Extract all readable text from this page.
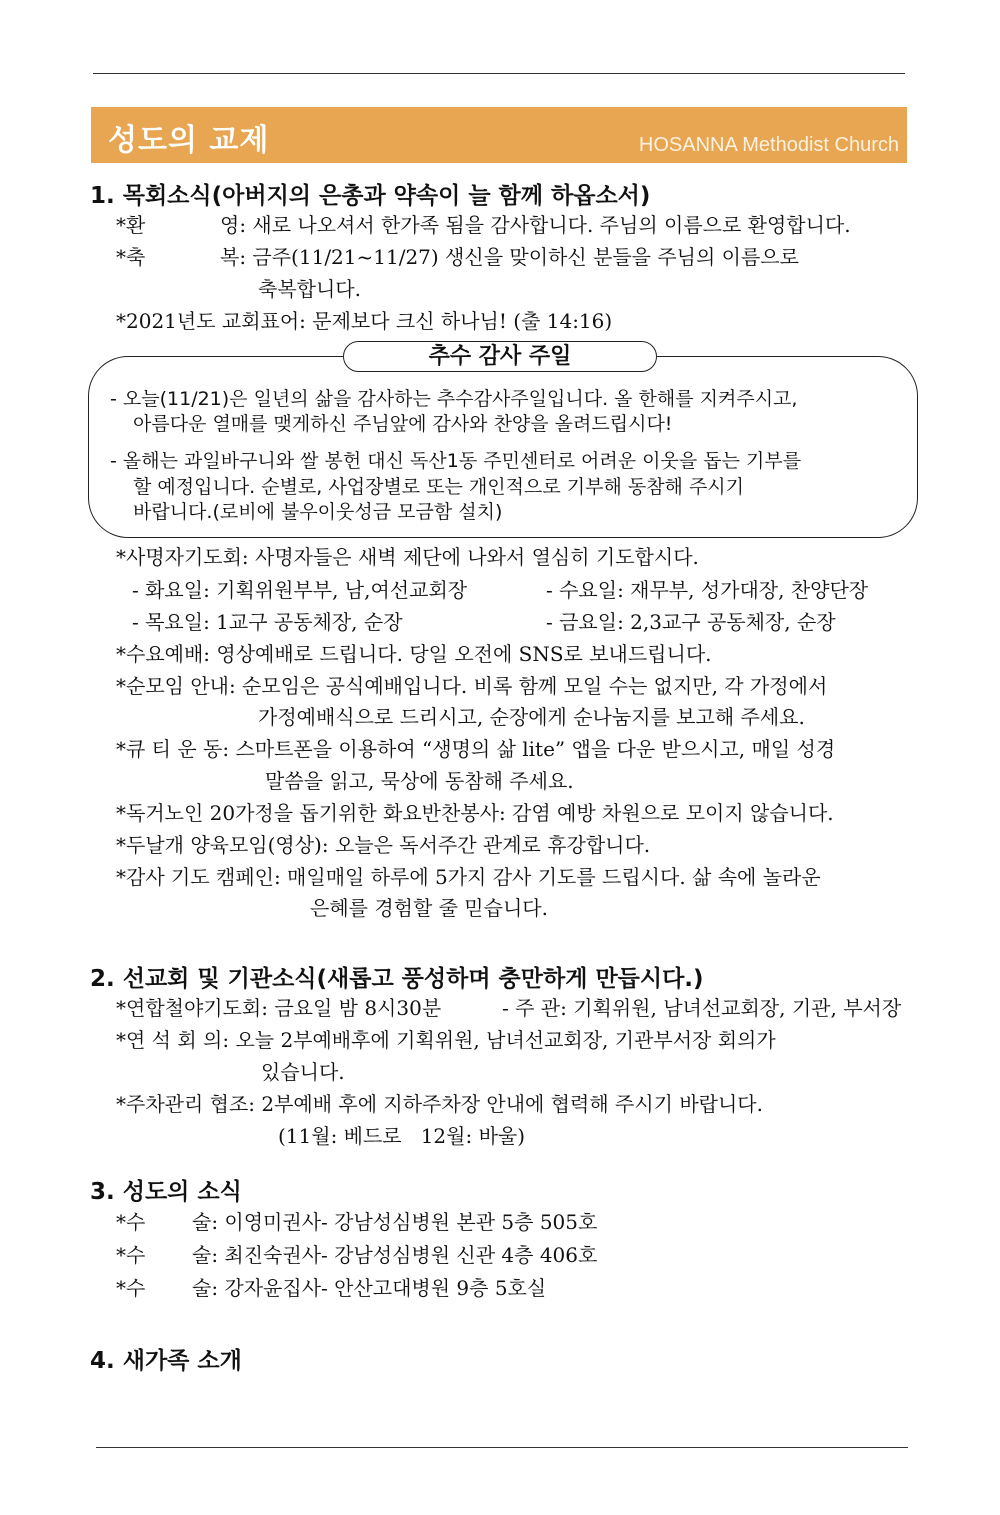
성도의 교제	HOSANNA Methodist Church
1. 목회소식(아버지의 은총과 약속이 늘 함께 하옵소서)
*환	영: 새로 나오셔서 한가족 됨을 감사합니다. 주님의 이름으로 환영합니다.
*축	복: 금주(11/21~11/27) 생신을 맞이하신 분들을 주님의 이름으로
축복합니다.
*2021년도 교회표어: 문제보다 크신 하나님! (출 14:16)
추수 감사 주일
- 오늘(11/21)은 일년의 삶을 감사하는 추수감사주일입니다. 올 한해를 지켜주시고,
아름다운 열매를 맺게하신 주님앞에 감사와 찬양을 올려드립시다!
- 올해는 과일바구니와 쌀 봉헌 대신 독산1동 주민센터로 어려운 이웃을 돕는 기부를
할 예정입니다. 순별로, 사업장별로 또는 개인적으로 기부해 동참해 주시기
바랍니다.(로비에 불우이웃성금 모금함 설치)
*사명자기도회: 사명자들은 새벽 제단에 나와서 열심히 기도합시다.
- 화요일: 기획위원부부, 남,여선교회장	- 수요일: 재무부, 성가대장, 찬양단장
- 목요일: 1교구 공동체장, 순장	- 금요일: 2,3교구 공동체장, 순장
*수요예배: 영상예배로 드립니다. 당일 오전에 SNS로 보내드립니다.
*순모임 안내: 순모임은 공식예배입니다. 비록 함께 모일 수는 없지만, 각 가정에서
가정예배식으로 드리시고, 순장에게 순나눔지를 보고해 주세요.
*큐 티 운 동: 스마트폰을 이용하여 “생명의 삶 lite” 앱을 다운 받으시고, 매일 성경
말씀을 읽고, 묵상에 동참해 주세요.
*독거노인 20가정을 돕기위한 화요반찬봉사: 감염 예방 차원으로 모이지 않습니다.
*두날개 양육모임(영상): 오늘은 독서주간 관계로 휴강합니다.
*감사 기도 캠페인: 매일매일 하루에 5가지 감사 기도를 드립시다. 삶 속에 놀라운
은혜를 경험할 줄 믿습니다.
2. 선교회 및 기관소식(새롭고 풍성하며 충만하게 만듭시다.)
*연합철야기도회: 금요일 밤 8시30분	- 주 관: 기획위원, 남녀선교회장, 기관, 부서장
*연 석 회 의: 오늘 2부예배후에 기획위원, 남녀선교회장, 기관부서장 회의가
있습니다.
*주차관리 협조: 2부예배 후에 지하주차장 안내에 협력해 주시기 바랍니다.
(11월: 베드로   12월: 바울)
3. 성도의 소식
*수 술: 이영미권사- 강남성심병원 본관 5층 505호
*수 술: 최진숙권사- 강남성심병원 신관 4층 406호
*수 술: 강자윤집사- 안산고대병원 9층 5호실
4. 새가족 소개
